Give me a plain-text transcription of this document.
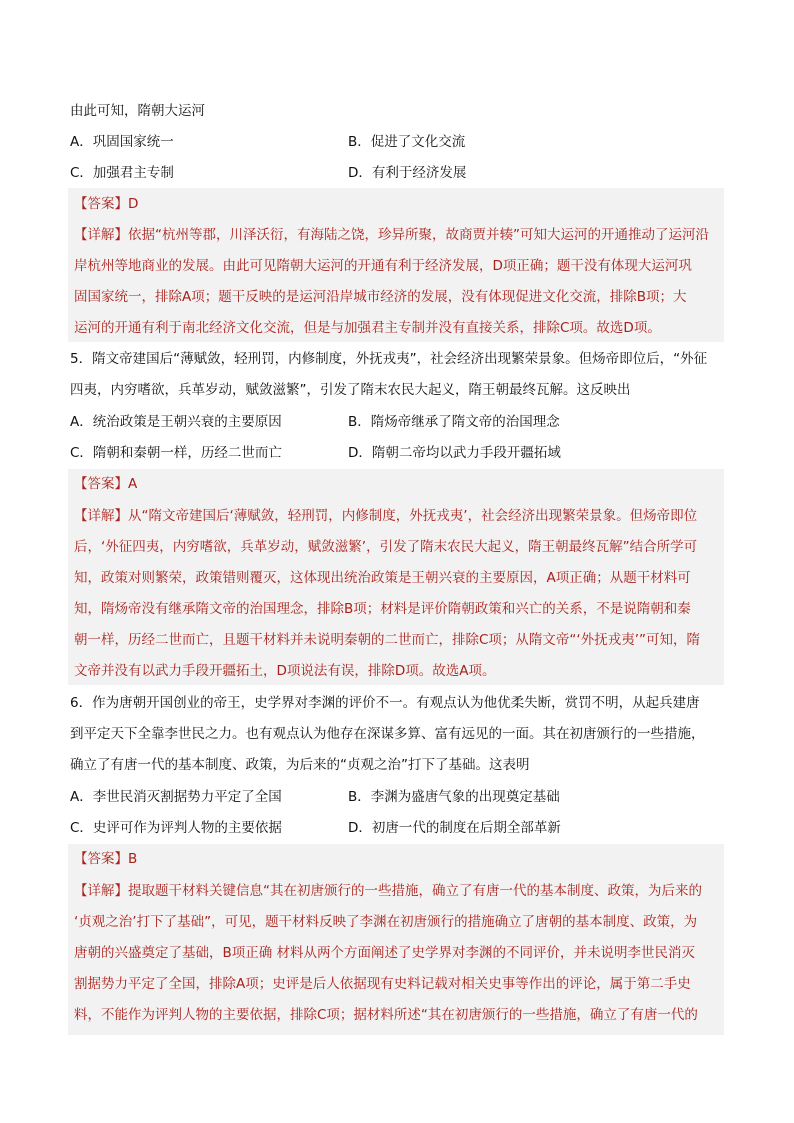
由此可知，隋朝大运河
A．巩固国家统一	B．促进了文化交流
C．加强君主专制	D．有利于经济发展
【答案】D
【详解】依据“杭州等郡，川泽沃衍，有海陆之饶，珍异所聚，故商贾并辏”可知大运河的开通推动了运河沿
岸杭州等地商业的发展。由此可见隋朝大运河的开通有利于经济发展，D项正确；题干没有体现大运河巩
固国家统一，排除A项；题干反映的是运河沿岸城市经济的发展，没有体现促进文化交流，排除B项；大
运河的开通有利于南北经济文化交流，但是与加强君主专制并没有直接关系，排除C项。故选D项。
5．隋文帝建国后“薄赋敛，轻刑罚，内修制度，外抚戎夷”，社会经济出现繁荣景象。但炀帝即位后，“外征
四夷，内穷嗜欲，兵革岁动，赋敛滋繁”，引发了隋末农民大起义，隋王朝最终瓦解。这反映出
A．统治政策是王朝兴衰的主要原因	B．隋炀帝继承了隋文帝的治国理念
C．隋朝和秦朝一样，历经二世而亡	D．隋朝二帝均以武力手段开疆拓域
【答案】A
【详解】从“隋文帝建国后‘薄赋敛，轻刑罚，内修制度，外抚戎夷’，社会经济出现繁荣景象。但炀帝即位
后，‘外征四夷，内穷嗜欲，兵革岁动，赋敛滋繁’，引发了隋末农民大起义，隋王朝最终瓦解”结合所学可
知，政策对则繁荣，政策错则覆灭，这体现出统治政策是王朝兴衰的主要原因，A项正确；从题干材料可
知，隋炀帝没有继承隋文帝的治国理念，排除B项；材料是评价隋朝政策和兴亡的关系，不是说隋朝和秦
朝一样，历经二世而亡，且题干材料并未说明秦朝的二世而亡，排除C项；从隋文帝“‘外抚戎夷’”可知，隋
文帝并没有以武力手段开疆拓土，D项说法有误，排除D项。故选A项。
6．作为唐朝开国创业的帝王，史学界对李渊的评价不一。有观点认为他优柔失断，赏罚不明，从起兵建唐
到平定天下全靠李世民之力。也有观点认为他存在深谋多算、富有远见的一面。其在初唐颁行的一些措施，
确立了有唐一代的基本制度、政策，为后来的“贞观之治”打下了基础。这表明
A．李世民消灭割据势力平定了全国	B．李渊为盛唐气象的出现奠定基础
C．史评可作为评判人物的主要依据	D．初唐一代的制度在后期全部革新
【答案】B
【详解】提取题干材料关键信息“其在初唐颁行的一些措施，确立了有唐一代的基本制度、政策，为后来的
‘贞观之治’打下了基础”，可见，题干材料反映了李渊在初唐颁行的措施确立了唐朝的基本制度、政策，为
唐朝的兴盛奠定了基础，B项正确 材料从两个方面阐述了史学界对李渊的不同评价，并未说明李世民消灭
割据势力平定了全国，排除A项；史评是后人依据现有史料记载对相关史事等作出的评论，属于第二手史
料，不能作为评判人物的主要依据，排除C项；据材料所述“其在初唐颁行的一些措施，确立了有唐一代的
